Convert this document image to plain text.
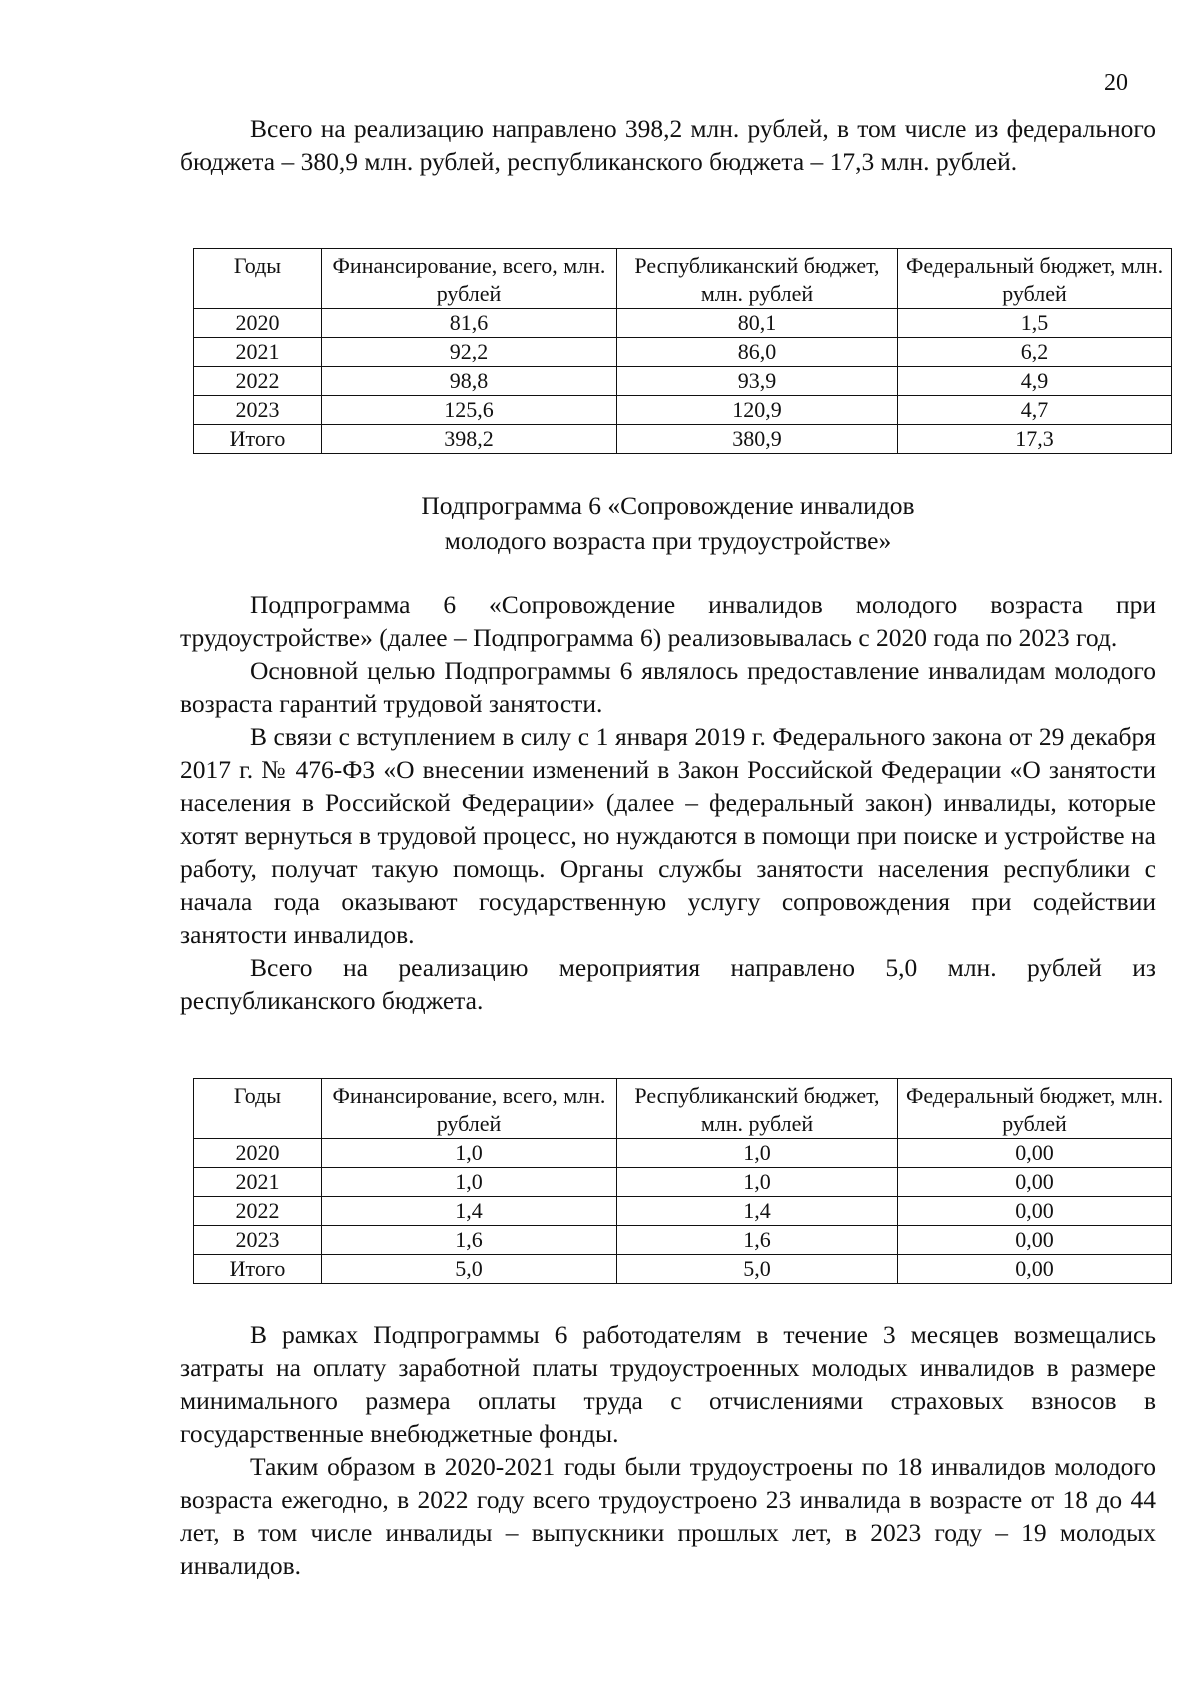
20

Всего на реализацию направлено 398,2 млн. рублей, в том числе из федерального бюджета – 380,9 млн. рублей, республиканского бюджета – 17,3 млн. рублей.

Годы	Финансирование, всего, млн. рублей	Республиканский бюджет, млн. рублей	Федеральный бюджет, млн. рублей
2020	81,6	80,1	1,5
2021	92,2	86,0	6,2
2022	98,8	93,9	4,9
2023	125,6	120,9	4,7
Итого	398,2	380,9	17,3
Подпрограмма 6 «Сопровождение инвалидов
молодого возраста при трудоустройстве»

Подпрограмма 6 «Сопровождение инвалидов молодого возраста при трудоустройстве» (далее – Подпрограмма 6) реализовывалась с 2020 года по 2023 год.

Основной целью Подпрограммы 6 являлось предоставление инвалидам молодого возраста гарантий трудовой занятости.

В связи с вступлением в силу с 1 января 2019 г. Федерального закона от 29 декабря 2017 г. № 476-ФЗ «О внесении изменений в Закон Российской Федерации «О занятости населения в Российской Федерации» (далее – федеральный закон) инвалиды, которые хотят вернуться в трудовой процесс, но нуждаются в помощи при поиске и устройстве на работу, получат такую помощь. Органы службы занятости населения республики с начала года оказывают государственную услугу сопровождения при содействии занятости инвалидов.

Всего на реализацию мероприятия направлено 5,0 млн. рублей из республиканского бюджета.

Годы	Финансирование, всего, млн. рублей	Республиканский бюджет, млн. рублей	Федеральный бюджет, млн. рублей
2020	1,0	1,0	0,00
2021	1,0	1,0	0,00
2022	1,4	1,4	0,00
2023	1,6	1,6	0,00
Итого	5,0	5,0	0,00

В рамках Подпрограммы 6 работодателям в течение 3 месяцев возмещались затраты на оплату заработной платы трудоустроенных молодых инвалидов в размере минимального размера оплаты труда с отчислениями страховых взносов в государственные внебюджетные фонды.

Таким образом в 2020-2021 годы были трудоустроены по 18 инвалидов молодого возраста ежегодно, в 2022 году всего трудоустроено 23 инвалида в возрасте от 18 до 44 лет, в том числе инвалиды – выпускники прошлых лет, в 2023 году – 19 молодых инвалидов.
